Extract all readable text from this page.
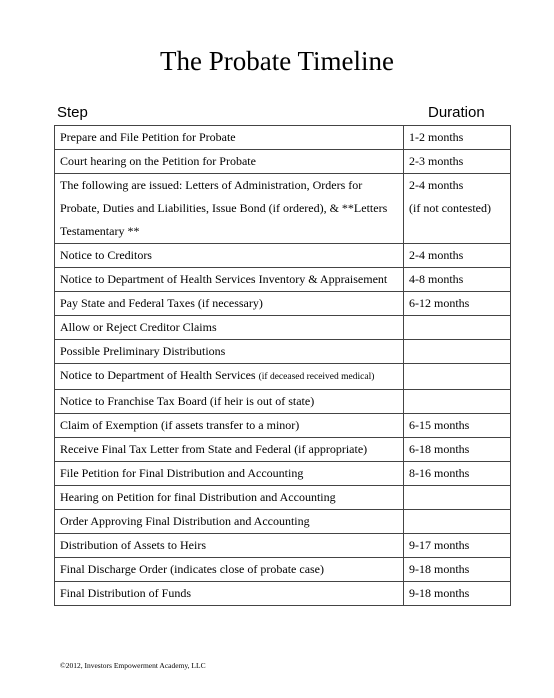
The Probate Timeline
Step	Duration
Prepare and File Petition for Probate	1-2 months

Court hearing on the Petition for Probate	2-3 months

The following are issued: Letters of Administration, Orders for Probate, Duties and Liabilities, Issue Bond (if ordered), & **Letters Testamentary **	2-4 months
(if not contested)

Notice to Creditors	2-4 months

Notice to Department of Health Services Inventory & Appraisement	4-8 months

Pay State and Federal Taxes (if necessary)	6-12 months

Allow or Reject Creditor Claims	

Possible Preliminary Distributions	

Notice to Department of Health Services (if deceased received medical)	

Notice to Franchise Tax Board (if heir is out of state)	

Claim of Exemption (if assets transfer to a minor)	6-15 months

Receive Final Tax Letter from State and Federal (if appropriate)	6-18 months

File Petition for Final Distribution and Accounting	8-16 months

Hearing on Petition for final Distribution and Accounting	

Order Approving Final Distribution and Accounting	

Distribution of Assets to Heirs	9-17 months

Final Discharge Order (indicates close of probate case)	9-18 months

Final Distribution of Funds	9-18 months
©2012, Investors Empowerment Academy, LLC
